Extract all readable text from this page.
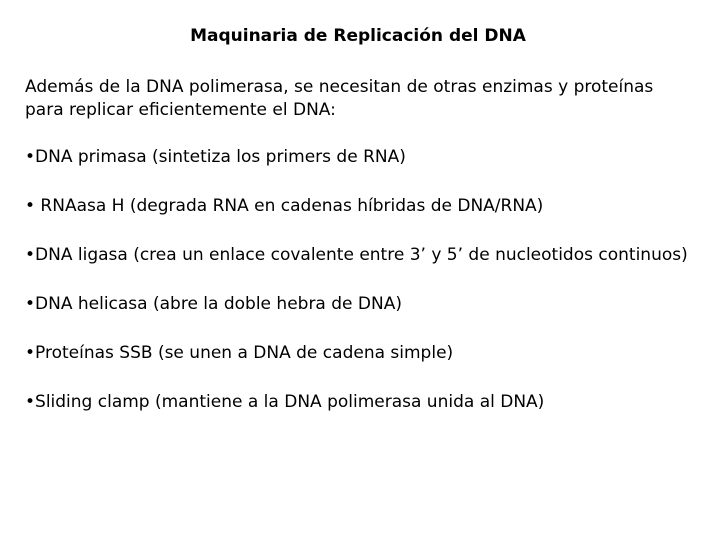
Maquinaria de Replicación del DNA
Además de la DNA polimerasa, se necesitan de otras enzimas y proteínas para replicar eficientemente el DNA:
•DNA primasa (sintetiza los primers de RNA)
• RNAasa H (degrada RNA en cadenas híbridas de DNA/RNA)
•DNA ligasa (crea un enlace covalente entre 3’ y 5’ de nucleotidos continuos)
•DNA helicasa (abre la doble hebra de DNA)
•Proteínas SSB (se unen a DNA de cadena simple)
•Sliding clamp (mantiene a la DNA polimerasa unida al DNA)
